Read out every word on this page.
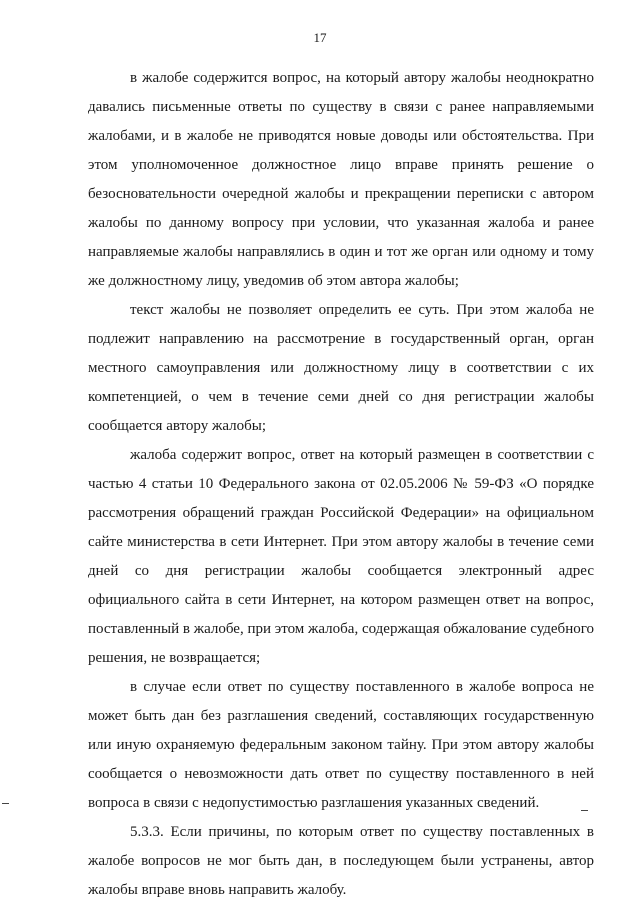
17

в жалобе содержится вопрос, на который автору жалобы неоднократно давались письменные ответы по существу в связи с ранее направляемыми жалобами, и в жалобе не приводятся новые доводы или обстоятельства. При этом уполномоченное должностное лицо вправе принять решение о безосновательности очередной жалобы и прекращении переписки с автором жалобы по данному вопросу при условии, что указанная жалоба и ранее направляемые жалобы направлялись в один и тот же орган или одному и тому же должностному лицу, уведомив об этом автора жалобы;

текст жалобы не позволяет определить ее суть. При этом жалоба не подлежит направлению на рассмотрение в государственный орган, орган местного самоуправления или должностному лицу в соответствии с их компетенцией, о чем в течение семи дней со дня регистрации жалобы сообщается автору жалобы;

жалоба содержит вопрос, ответ на который размещен в соответствии с частью 4 статьи 10 Федерального закона от 02.05.2006 № 59-ФЗ «О порядке рассмотрения обращений граждан Российской Федерации» на официальном сайте министерства в сети Интернет. При этом автору жалобы в течение семи дней со дня регистрации жалобы сообщается электронный адрес официального сайта в сети Интернет, на котором размещен ответ на вопрос, поставленный в жалобе, при этом жалоба, содержащая обжалование судебного решения, не возвращается;

в случае если ответ по существу поставленного в жалобе вопроса не может быть дан без разглашения сведений, составляющих государственную или иную охраняемую федеральным законом тайну. При этом автору жалобы сообщается о невозможности дать ответ по существу поставленного в ней вопроса в связи с недопустимостью разглашения указанных сведений.

5.3.3. Если причины, по которым ответ по существу поставленных в жалобе вопросов не мог быть дан, в последующем были устранены, автор жалобы вправе вновь направить жалобу.
